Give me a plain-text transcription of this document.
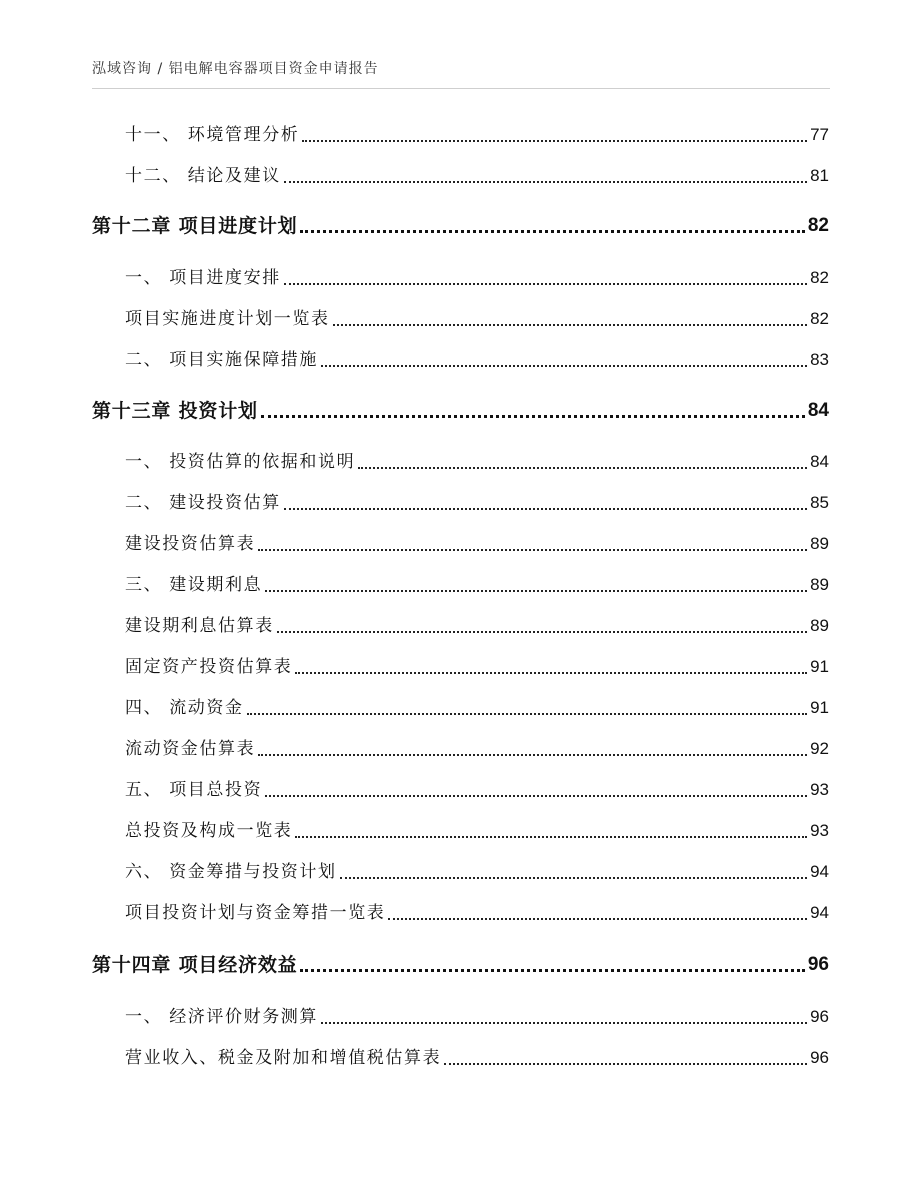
泓域咨询 / 铝电解电容器项目资金申请报告
十一、 环境管理分析	77
十二、 结论及建议	81
第十二章 项目进度计划	82
一、 项目进度安排	82
项目实施进度计划一览表	82
二、 项目实施保障措施	83
第十三章 投资计划	84
一、 投资估算的依据和说明	84
二、 建设投资估算	85
建设投资估算表	89
三、 建设期利息	89
建设期利息估算表	89
固定资产投资估算表	91
四、 流动资金	91
流动资金估算表	92
五、 项目总投资	93
总投资及构成一览表	93
六、 资金筹措与投资计划	94
项目投资计划与资金筹措一览表	94
第十四章 项目经济效益	96
一、 经济评价财务测算	96
营业收入、税金及附加和增值税估算表	96
